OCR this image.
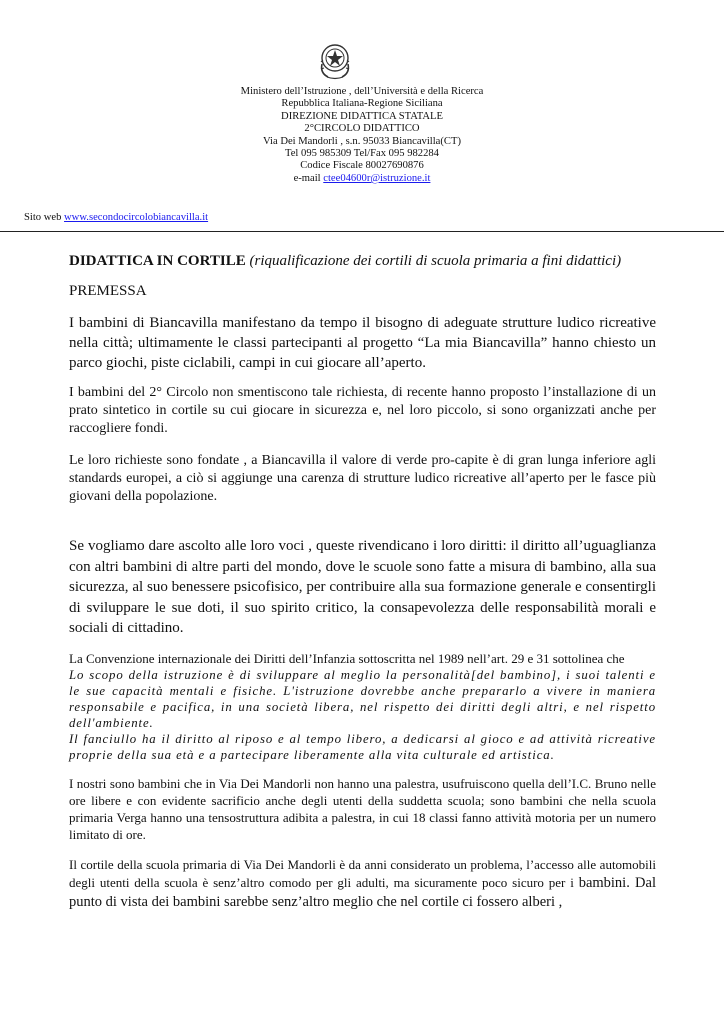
Ministero dell’Istruzione , dell’Università e della Ricerca
Repubblica Italiana-Regione Siciliana
DIREZIONE DIDATTICA STATALE
2°CIRCOLO DIDATTICO
Via Dei Mandorli , s.n. 95033 Biancavilla(CT)
Tel 095 985309 Tel/Fax 095 982284
Codice Fiscale 80027690876
e-mail ctee04600r@istruzione.it
Sito web www.secondocircolobiancavilla.it
DIDATTICA IN CORTILE (riqualificazione dei cortili di scuola primaria a fini didattici)
PREMESSA

I bambini di Biancavilla manifestano da tempo il bisogno di adeguate strutture ludico ricreative nella città; ultimamente le classi partecipanti al progetto “La mia Biancavilla” hanno chiesto un parco giochi, piste ciclabili, campi in cui giocare all’aperto.

I bambini del 2° Circolo non smentiscono tale richiesta, di recente hanno proposto l’installazione di un prato sintetico in cortile su cui giocare in sicurezza e, nel loro piccolo, si sono organizzati anche per raccogliere fondi.

Le loro richieste sono fondate , a Biancavilla il valore di verde pro-capite è di gran lunga inferiore agli standards europei, a ciò si aggiunge una carenza di strutture ludico ricreative all’aperto per le fasce più giovani della popolazione.

Se vogliamo dare ascolto alle loro voci , queste rivendicano i loro diritti: il diritto all’uguaglianza con altri bambini di altre parti del mondo, dove le scuole sono fatte a misura di bambino, alla sua sicurezza, al suo benessere psicofisico, per contribuire alla sua formazione generale e consentirgli di sviluppare le sue doti, il suo spirito critico, la consapevolezza delle responsabilità morali e sociali di cittadino.

La Convenzione internazionale dei Diritti dell’Infanzia sottoscritta nel 1989 nell’art. 29 e 31 sottolinea che

Lo scopo della istruzione è di sviluppare al meglio la personalità[del bambino], i suoi talenti e le sue capacità mentali e fisiche. L'istruzione dovrebbe anche prepararlo a vivere in maniera responsabile e pacifica, in una società libera, nel rispetto dei diritti degli altri, e nel rispetto dell'ambiente.

Il fanciullo ha il diritto al riposo e al tempo libero, a dedicarsi al gioco e ad attività ricreative proprie della sua età e a partecipare liberamente alla vita culturale ed artistica.

I nostri sono bambini che in Via Dei Mandorli non hanno una palestra, usufruiscono quella dell’I.C. Bruno nelle ore libere e con evidente sacrificio anche degli utenti della suddetta scuola; sono bambini che nella scuola primaria Verga hanno una tensostruttura adibita a palestra, in cui 18 classi fanno attività motoria per un numero limitato di ore.

Il cortile della scuola primaria di Via Dei Mandorli è da anni considerato un problema, l’accesso alle automobili degli utenti della scuola è senz’altro comodo per gli adulti, ma sicuramente poco sicuro per i bambini. Dal punto di vista dei bambini sarebbe senz’altro meglio che nel cortile ci fossero alberi ,
